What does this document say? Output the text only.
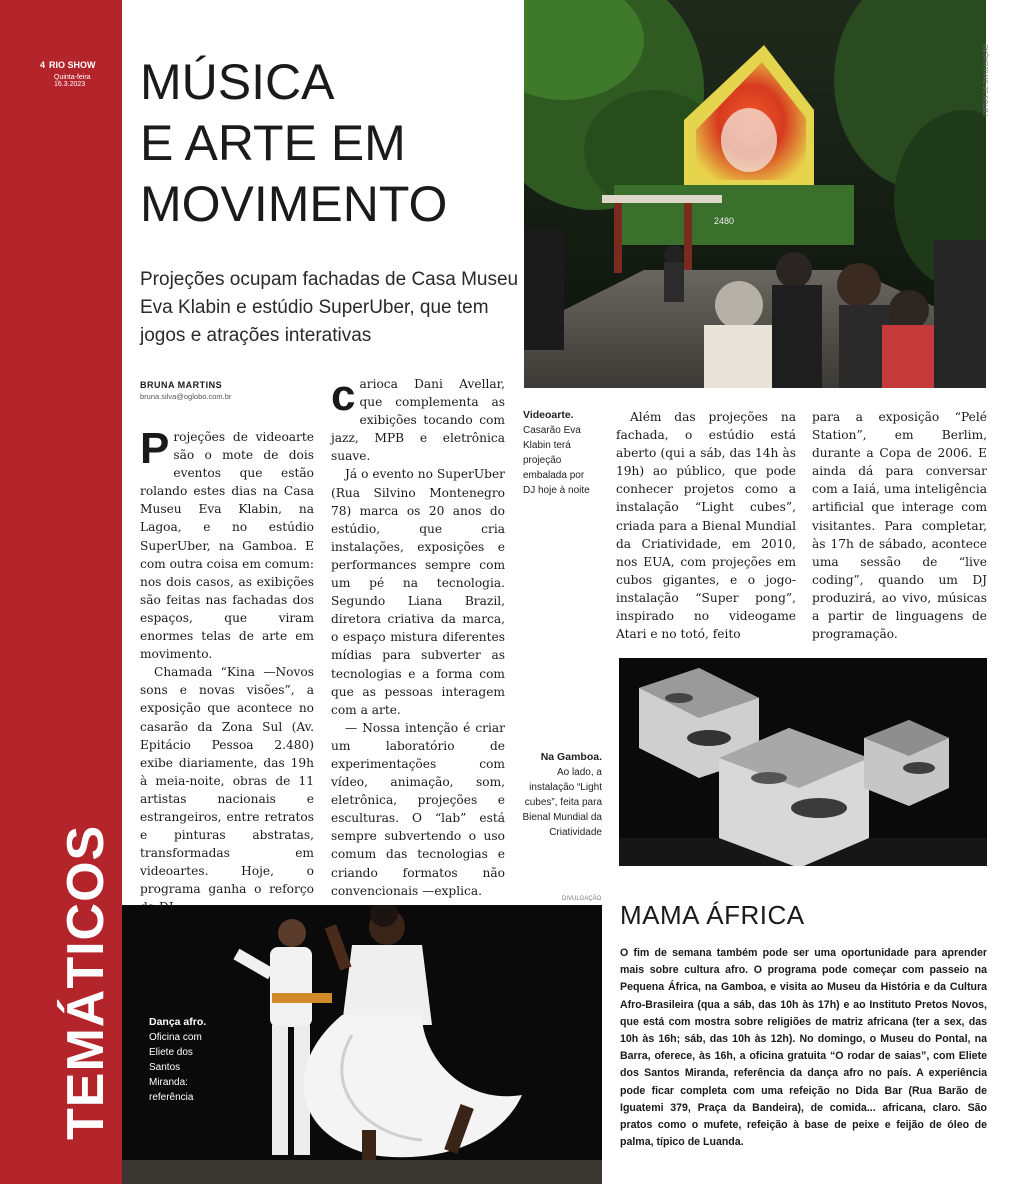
4 RIO SHOW
Quinta-feira
16.3.2023
TEMÁTICOS
MÚSICA
E ARTE EM
MOVIMENTO

Projeções ocupam fachadas de Casa Museu Eva Klabin e estúdio SuperUber, que tem jogos e atrações interativas

BRUNA MARTINS
bruna.silva@oglobo.com.br
2480
FOTOS DE DIVULGAÇÃO

Projeções de videoarte são o mote de dois eventos que estão rolando estes dias na Casa Museu Eva Klabin, na Lagoa, e no estúdio SuperUber, na Gamboa. E com outra coisa em comum: nos dois casos, as exibições são feitas nas fachadas dos espaços, que viram enormes telas de arte em movimento.

Chamada “Kina —Novos sons e novas visões”, a exposição que acontece no casarão da Zona Sul (Av. Epitácio Pessoa 2.480) exibe diariamente, das 19h à meia-noite, obras de 11 artistas nacionais e estrangeiros, entre retratos e pinturas abstratas, transformadas em videoartes. Hoje, o programa ganha o reforço

carioca Dani Avellar, que complementa as exibições tocando com jazz, MPB e eletrônica suave.

Já o evento no SuperUber (Rua Silvino Montenegro 78) marca os 20 anos do estúdio, que cria instalações, exposições e performances sempre com um pé na tecnologia. Segundo Liana Brazil, diretora criativa da marca, o espaço mistura diferentes mídias para subverter as tecnologias e a forma com que as pessoas interagem com a arte.

— Nossa intenção é criar um laboratório de experimentações com vídeo, animação, som, eletrônica, projeções e esculturas. O “lab” está sempre subvertendo o uso comum das tecnologias e criando formatos não convencionais —explica.

Videoarte.
Casarão Eva Klabin terá projeção embalada por DJ hoje à noite

Além das projeções na fachada, o estúdio está aberto (qui a sáb, das 14h às 19h) ao público, que pode conhecer projetos como a instalação “Light cubes”, criada para a Bienal Mundial da Criatividade, em 2010, nos EUA, com projeções em cubos gigantes, e o jogo-instalação “Super pong”, inspirado no videogame Atari e no totó, feito

para a exposição “Pelé Station”, em Berlim, durante a Copa de 2006. E ainda dá para conversar com a Iaiá, uma inteligência artificial que interage com visitantes. Para completar, às 17h de sábado, acontece uma sessão de “live coding”, quando um DJ produzirá, ao vivo, músicas a partir de linguagens de programação.

Na Gamboa.
Ao lado, a instalação “Light cubes”, feita para Bienal Mundial da Criatividade
DIVULGAÇÃO
Dança afro.
Oficina com Eliete dos Santos Miranda: referência
MAMA ÁFRICA

O fim de semana também pode ser uma oportunidade para aprender mais sobre cultura afro. O programa pode começar com passeio na Pequena África, na Gamboa, e visita ao Museu da História e da Cultura Afro-Brasileira (qua a sáb, das 10h às 17h) e ao Instituto Pretos Novos, que está com mostra sobre religiões de matriz africana (ter a sex, das 10h às 16h; sáb, das 10h às 12h). No domingo, o Museu do Pontal, na Barra, oferece, às 16h, a oficina gratuita “O rodar de saias”, com Eliete dos Santos Miranda, referência da dança afro no país. A experiência pode ficar completa com uma refeição no Dida Bar (Rua Barão de Iguatemi 379, Praça da Bandeira), de comida... africana, claro. São pratos como o mufete, refeição à base de peixe e feijão de óleo de palma, típico de Luanda.
